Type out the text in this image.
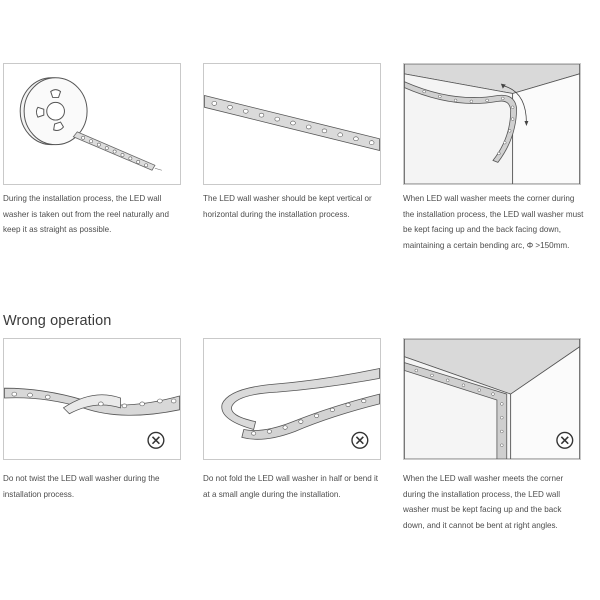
During the installation process, the LED wall washer is taken out from the reel naturally and keep it as straight as possible.
The LED wall washer should be kept vertical or horizontal during the installation process.
When LED wall washer meets the corner during the installation process, the LED wall washer must be kept facing up and the back facing down, maintaining a certain bending arc, Φ >150mm.
Wrong operation
Do not twist the LED wall washer during the installation process.
Do not fold the LED wall washer in half or bend it at a small angle during the installation.
When the LED wall washer meets the corner during the installation process, the LED wall washer must be kept facing up and the back down, and it cannot be bent at right angles.
